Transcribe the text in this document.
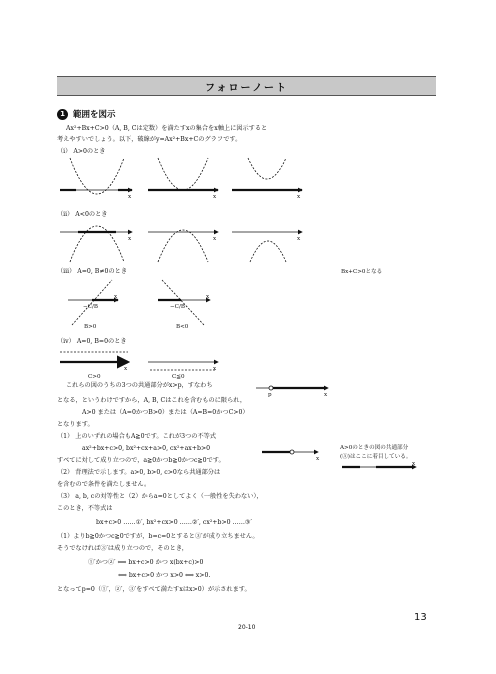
フォローノート
1 範囲を図示
Ax²+Bx+C>0（A, B, Cは定数）を満たすxの集合をx軸上に図示すると
考えやすいでしょう。以下，破線がy=Ax²+Bx+Cのグラフです。
（ⅰ） A>0のとき
（ⅱ） A<0のとき
（ⅲ） A=0, B≠0のとき	Bx+C>0となる
（ⅳ） A=0, B=0のとき
x	x	x
x	x	x
−C/B
x
−C/B
x
B>0	B<0
x	x
C>0	C≦0
p	x
x
x
A>0のときの図の共通部分
(Ⓐ)はここに着目している。
これらの図のうちの3つの共通部分がx>p，すなわち
となる，というわけですから，A, B, Cはこれを含むものに限られ，
A>0 または（A=0かつB>0）または（A=B=0かつC>0）
となります。
（1） 上のいずれの場合もA≧0です。これが3つの不等式
ax²+bx+c>0, bx²+cx+a>0, cx²+ax+b>0
すべてに対して成り立つので，a≧0かつb≧0かつc≧0です。
（2） 背理法で示します。a>0, b>0, c>0なら共通部分は
を含むので条件を満たしません。
（3） a, b, cの対等性と（2）からa=0としてよく（一般性を失わない），
このとき，不等式は
bx+c>0 ……①′, bx²+cx>0 ……②′, cx²+b>0 ……③′
（1）よりb≧0かつc≧0ですが，b=c=0とすると③′が成り立ちません。
そうでなければ③′は成り立つので，そのとき，
①′かつ②′ ⟺ bx+c>0 かつ x(bx+c)>0
⟺ bx+c>0 かつ x>0 ⟺ x>0.
となってp=0（①′，②′，③′をすべて満たすxはx>0）が示されます。
20-10
13
